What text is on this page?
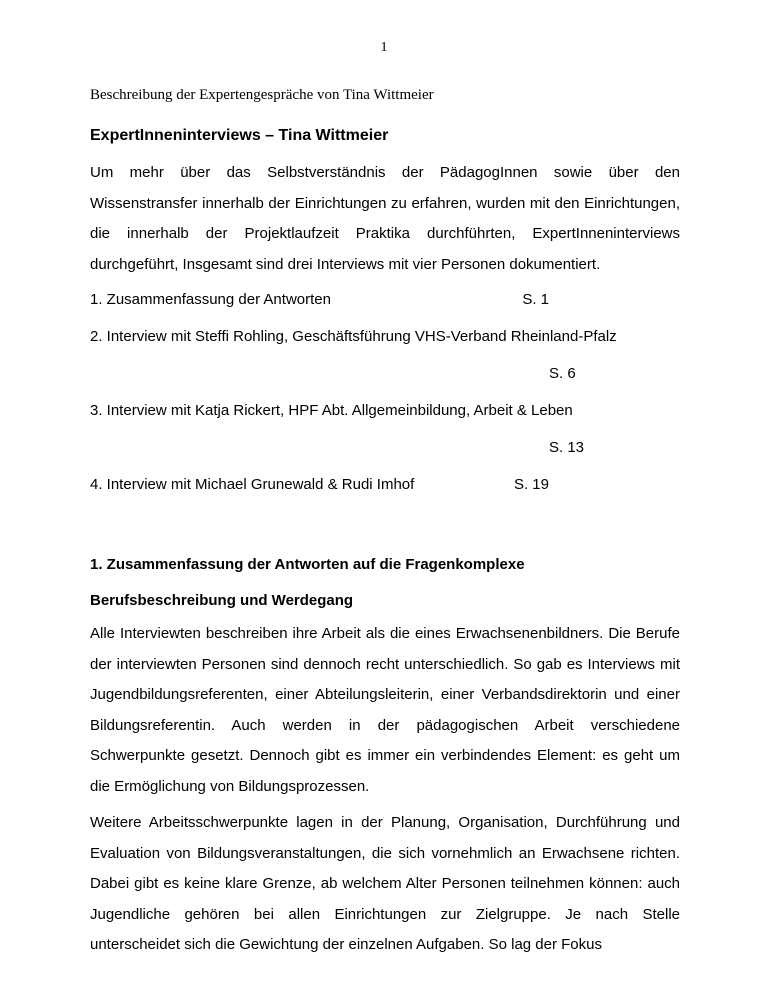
1
Beschreibung der Expertengespräche von Tina Wittmeier
ExpertInneninterviews – Tina Wittmeier

Um mehr über das Selbstverständnis der PädagogInnen sowie über den Wissenstransfer innerhalb der Einrichtungen zu erfahren, wurden mit den Einrichtungen, die innerhalb der Projektlaufzeit Praktika durchführten, ExpertInneninterviews durchgeführt, Insgesamt sind drei Interviews mit vier Personen dokumentiert.

1. Zusammenfassung der Antworten	S. 1
2. Interview mit Steffi Rohling, Geschäftsführung VHS-Verband Rheinland-Pfalz
S. 6
3. Interview mit Katja Rickert, HPF Abt. Allgemeinbildung, Arbeit & Leben
S. 13
4. Interview mit Michael Grunewald & Rudi Imhof	S. 19
1. Zusammenfassung der Antworten auf die Fragenkomplexe
Berufsbeschreibung und Werdegang

Alle Interviewten beschreiben ihre Arbeit als die eines Erwachsenenbildners. Die Berufe der interviewten Personen sind dennoch recht unterschiedlich. So gab es Interviews mit Jugendbildungsreferenten, einer Abteilungsleiterin, einer Verbandsdirektorin und einer Bildungsreferentin. Auch werden in der pädagogischen Arbeit verschiedene Schwerpunkte gesetzt. Dennoch gibt es immer ein verbindendes Element: es geht um die Ermöglichung von Bildungsprozessen.

Weitere Arbeitsschwerpunkte lagen in der Planung, Organisation, Durchführung und Evaluation von Bildungsveranstaltungen, die sich vornehmlich an Erwachsene richten. Dabei gibt es keine klare Grenze, ab welchem Alter Personen teilnehmen können: auch Jugendliche gehören bei allen Einrichtungen zur Zielgruppe. Je nach Stelle unterscheidet sich die Gewichtung der einzelnen Aufgaben. So lag der Fokus
